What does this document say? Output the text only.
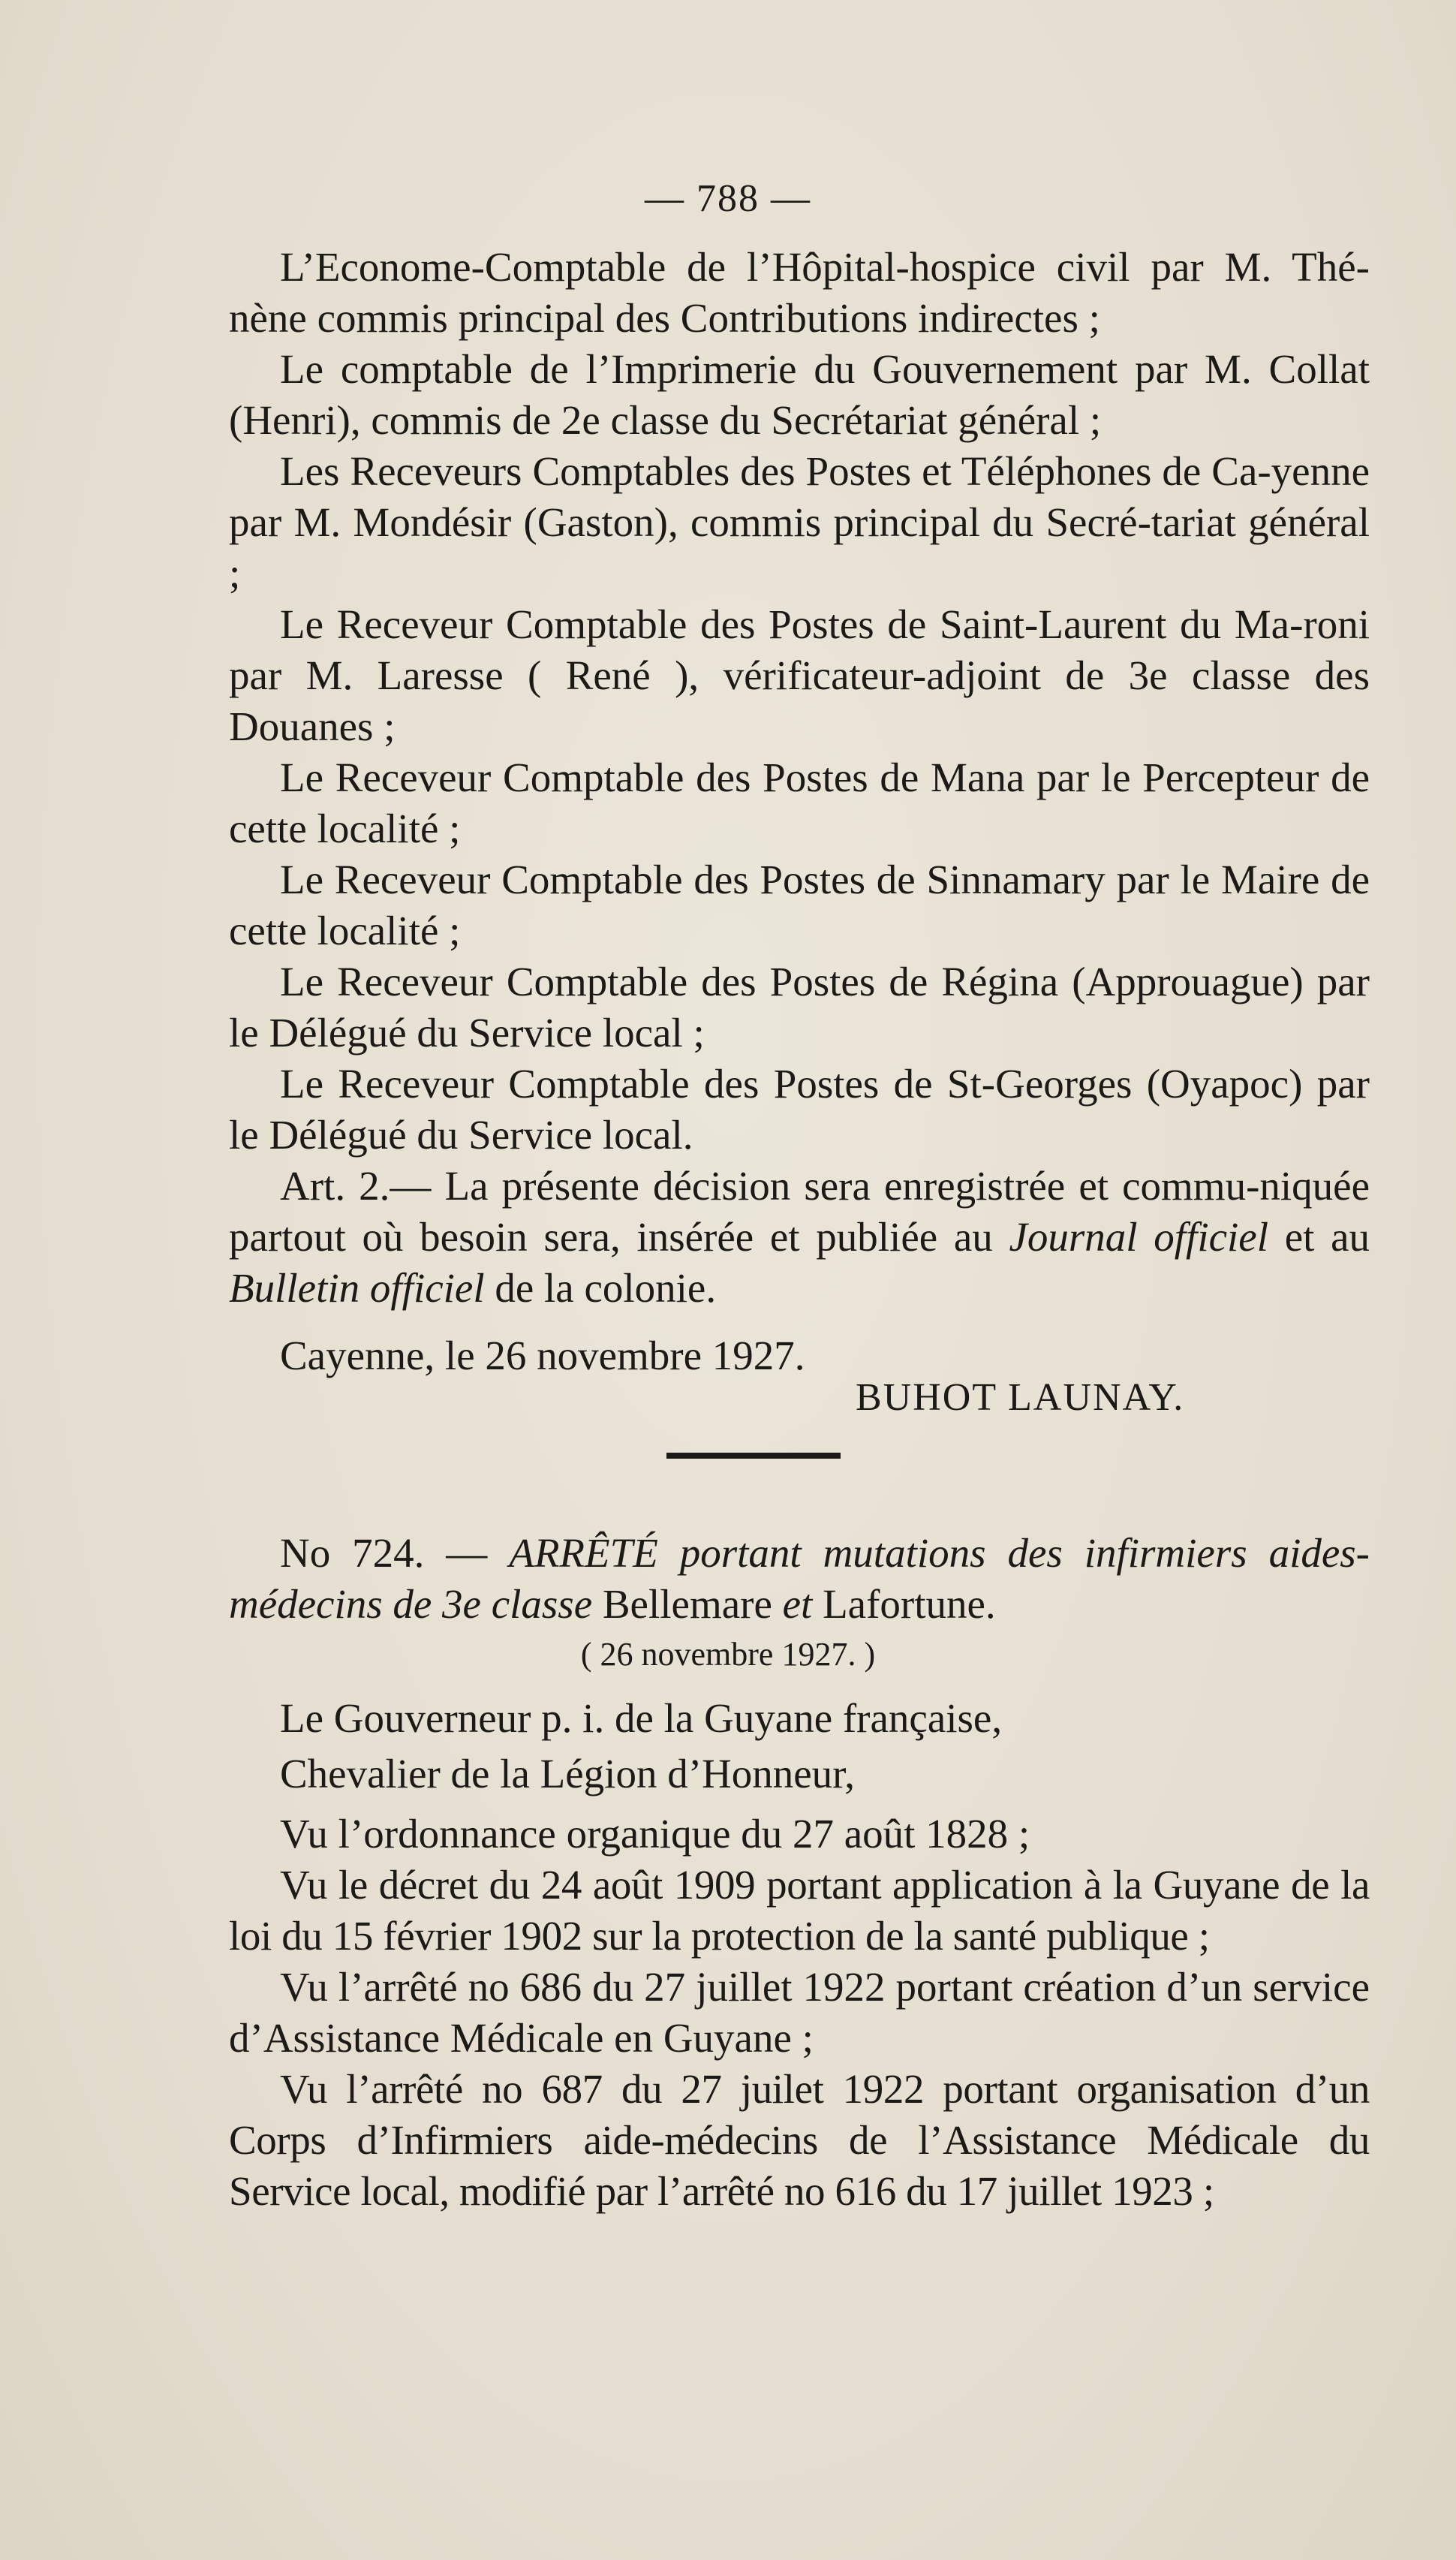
— 788 —

L’Econome-Comptable de l’Hôpital-hospice civil par M. Thé-nène commis principal des Contributions indirectes ;

Le comptable de l’Imprimerie du Gouvernement par M. Collat (Henri), commis de 2e classe du Secrétariat général ;

Les Receveurs Comptables des Postes et Téléphones de Ca-yenne par M. Mondésir (Gaston), commis principal du Secré-tariat général ;

Le Receveur Comptable des Postes de Saint-Laurent du Ma-roni par M. Laresse ( René ), vérificateur-adjoint de 3e classe des Douanes ;

Le Receveur Comptable des Postes de Mana par le Percepteur de cette localité ;

Le Receveur Comptable des Postes de Sinnamary par le Maire de cette localité ;

Le Receveur Comptable des Postes de Régina (Approuague) par le Délégué du Service local ;

Le Receveur Comptable des Postes de St-Georges (Oyapoc) par le Délégué du Service local.

Art. 2.— La présente décision sera enregistrée et commu-niquée partout où besoin sera, insérée et publiée au Journal officiel et au Bulletin officiel de la colonie.

Cayenne, le 26 novembre 1927.

BUHOT LAUNAY.

No 724. — ARRÊTÉ portant mutations des infirmiers aides-médecins de 3e classe Bellemare et Lafortune.

( 26 novembre 1927. )

Le Gouverneur p. i. de la Guyane française,

Chevalier de la Légion d’Honneur,

Vu l’ordonnance organique du 27 août 1828 ;

Vu le décret du 24 août 1909 portant application à la Guyane de la loi du 15 février 1902 sur la protection de la santé publique ;

Vu l’arrêté no 686 du 27 juillet 1922 portant création d’un service d’Assistance Médicale en Guyane ;

Vu l’arrêté no 687 du 27 juilet 1922 portant organisation d’un Corps d’Infirmiers aide-médecins de l’Assistance Médicale du Service local, modifié par l’arrêté no 616 du 17 juillet 1923 ;
